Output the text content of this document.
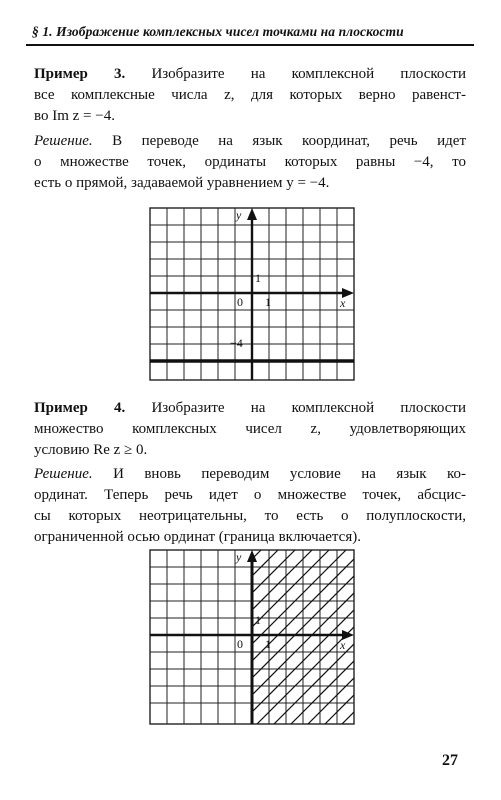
§ 1. Изображение комплексных чисел точками на плоскости
Пример 3. Изобразите на комплексной плоскости
все комплексные числа z, для которых верно равенст-
во Im z = −4.
Решение. В переводе на язык координат, речь идет
о множестве точек, ординаты которых равны −4, то
есть о прямой, задаваемой уравнением y = −4.
y
x
0 1
1
−4
Пример 4. Изобразите на комплексной плоскости
множество комплексных чисел z, удовлетворяющих
условию Re z ≥ 0.
Решение. И вновь переводим условие на язык ко-
ординат. Теперь речь идет о множестве точек, абсцис-
сы которых неотрицательны, то есть о полуплоскости,
ограниченной осью ординат (граница включается).
y
x
0 1
1
27
